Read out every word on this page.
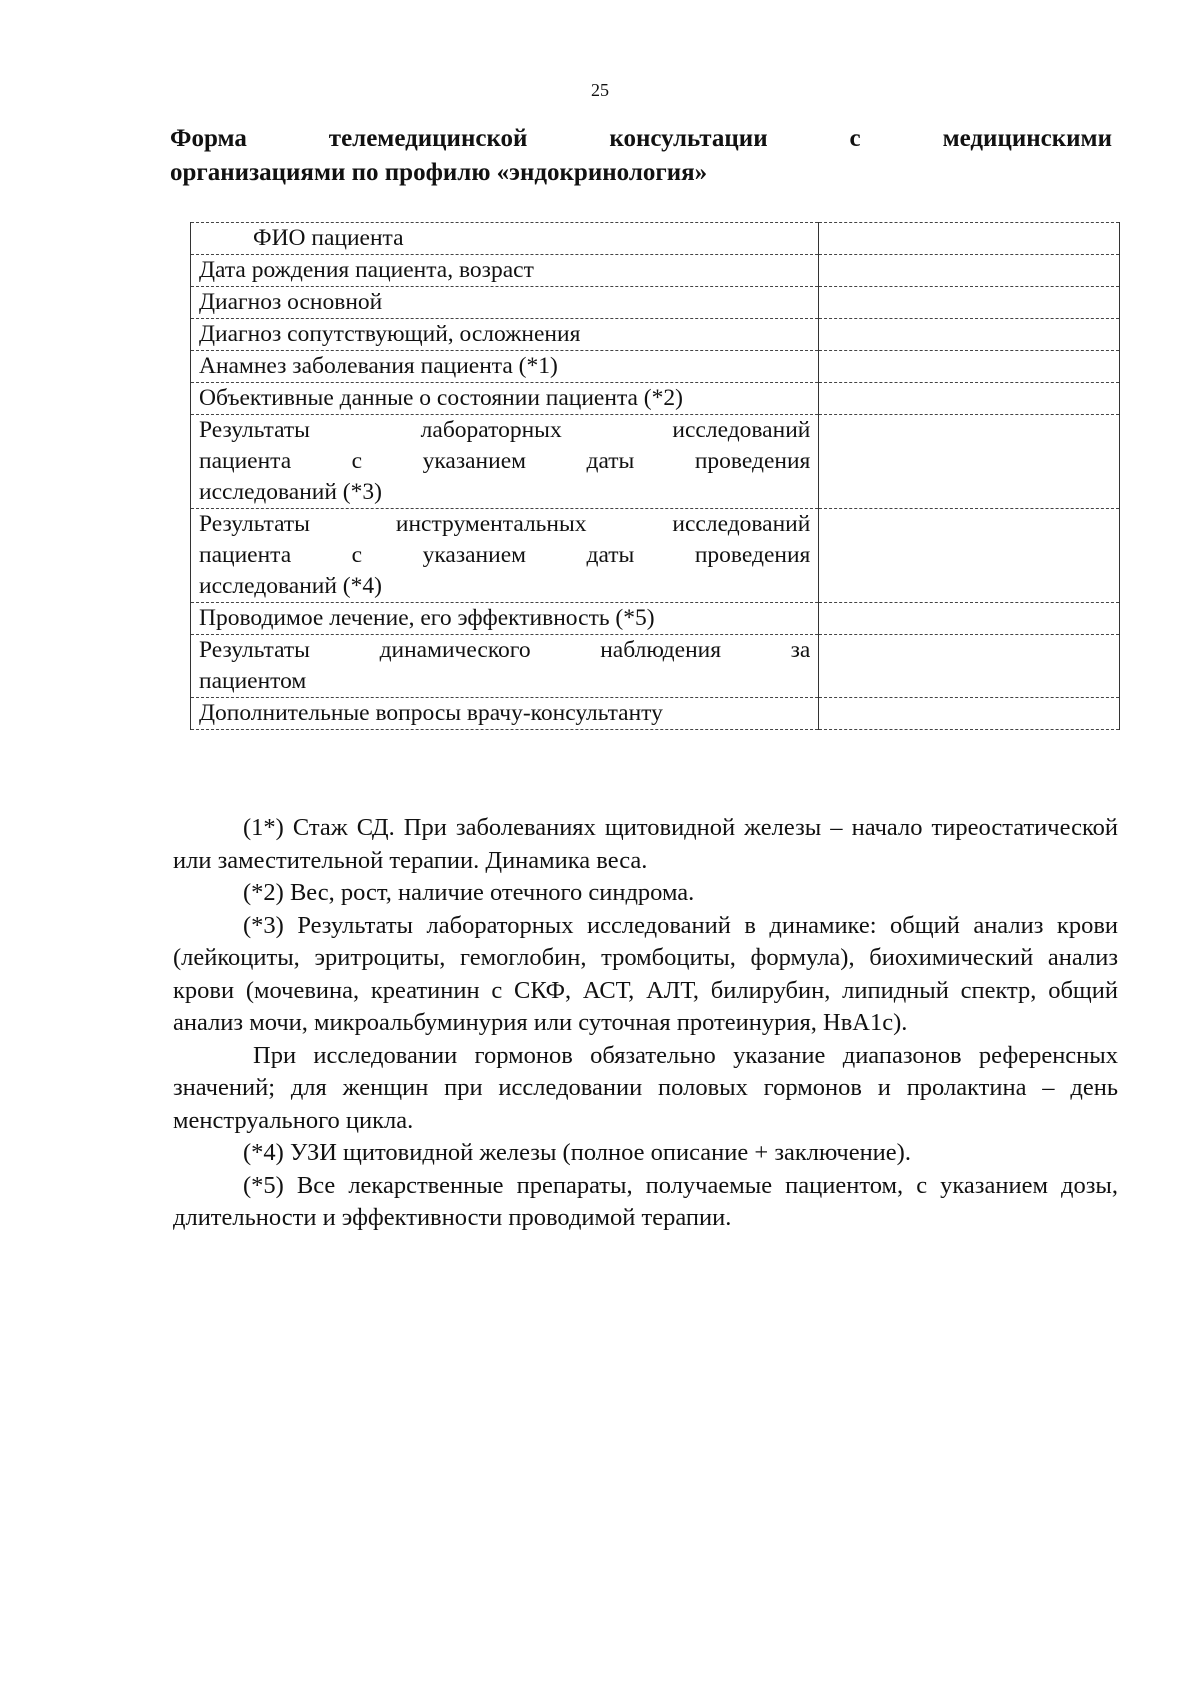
25
Форма телемедицинской консультации с медицинскими
организациями по профилю «эндокринология»
ФИО пациента	
Дата рождения пациента, возраст	
Диагноз основной	
Диагноз сопутствующий, осложнения	
Анамнез заболевания пациента (*1)	
Объективные данные о состоянии пациента (*2)	

Результаты лабораторных исследований
пациента с указанием даты проведения
исследований (*3)	

Результаты инструментальных исследований
пациента с указанием даты проведения
исследований (*4)	

Проводимое лечение, его эффективность (*5)	

Результаты динамического наблюдения за
пациентом	

Дополнительные вопросы врачу-консультанту	

(1*) Стаж СД. При заболеваниях щитовидной железы – начало тиреостатической или заместительной терапии. Динамика веса.

(*2) Вес, рост, наличие отечного синдрома.

(*3) Результаты лабораторных исследований в динамике: общий анализ крови (лейкоциты, эритроциты, гемоглобин, тромбоциты, формула), биохимический анализ крови (мочевина, креатинин с СКФ, АСТ, АЛТ, билирубин, липидный спектр, общий анализ мочи, микроальбуминурия или суточная протеинурия, HвA1c).

При исследовании гормонов обязательно указание диапазонов референсных значений; для женщин при исследовании половых гормонов и пролактина – день менструального цикла.

(*4) УЗИ щитовидной железы (полное описание + заключение).

(*5) Все лекарственные препараты, получаемые пациентом, с указанием дозы, длительности и эффективности проводимой терапии.
